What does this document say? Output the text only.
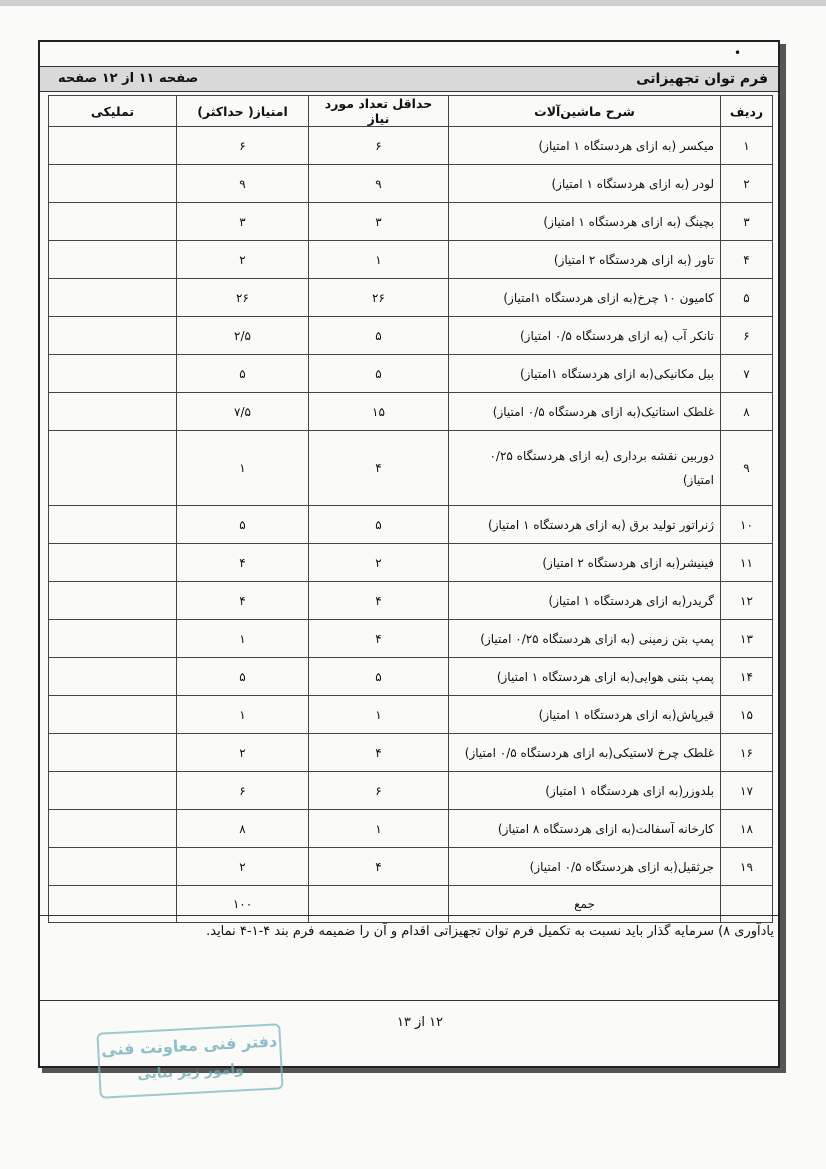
•
فرم توان تجهیزاتی
صفحه ۱۱ از ۱۲ صفحه
ردیف	شرح ماشین‌آلات	حداقل تعداد مورد نیاز	امتیاز( حداکثر)	تملیکی
۱	میکسر (به ازای هردستگاه ۱ امتیاز)	۶	۶	
۲	لودر (به ازای هردستگاه ۱ امتیاز)	۹	۹	
۳	بچینگ (به ازای هردستگاه ۱ امتیاز)	۳	۳	
۴	تاور (به ازای هردستگاه ۲ امتیاز)	۱	۲	
۵	کامیون ۱۰ چرخ(به ازای هردستگاه ۱امتیاز)	۲۶	۲۶	
۶	تانکر آب (به ازای هردستگاه ۰/۵ امتیاز)	۵	۲/۵	
۷	بیل مکانیکی(به ازای هردستگاه ۱امتیاز)	۵	۵	
۸	غلطک استاتیک(به ازای هردستگاه ۰/۵ امتیاز)	۱۵	۷/۵	
۹	دوربین نقشه برداری (به ازای هردستگاه ۰/۲۵ امتیاز)	۴	۱	
۱۰	ژنراتور تولید برق (به ازای هردستگاه ۱ امتیاز)	۵	۵	
۱۱	فینیشر(به ازای هردستگاه ۲ امتیاز)	۲	۴	
۱۲	گریدر(به ازای هردستگاه ۱ امتیاز)	۴	۴	
۱۳	پمپ بتن زمینی (به ازای هردستگاه ۰/۲۵ امتیاز)	۴	۱	
۱۴	پمپ بتنی هوایی(به ازای هردستگاه ۱ امتیاز)	۵	۵	
۱۵	قیرپاش(به ازای هردستگاه ۱ امتیاز)	۱	۱	
۱۶	غلطک چرخ لاستیکی(به ازای هردستگاه ۰/۵ امتیاز)	۴	۲	
۱۷	بلدوزر(به ازای هردستگاه ۱ امتیاز)	۶	۶	
۱۸	کارخانه آسفالت(به ازای هردستگاه ۸ امتیاز)	۱	۸	
۱۹	جرثقیل(به ازای هردستگاه ۰/۵ امتیاز)	۴	۲	
	جمع		۱۰۰	
یادآوری ۸) سرمایه گذار باید نسبت به تکمیل فرم توان تجهیزاتی اقدام و آن را ضمیمه فرم بند ۴-۱-۴ نماید.
۱۲ از ۱۳
دفتر فنی معاونت فنی
وامور زیر بنایی
